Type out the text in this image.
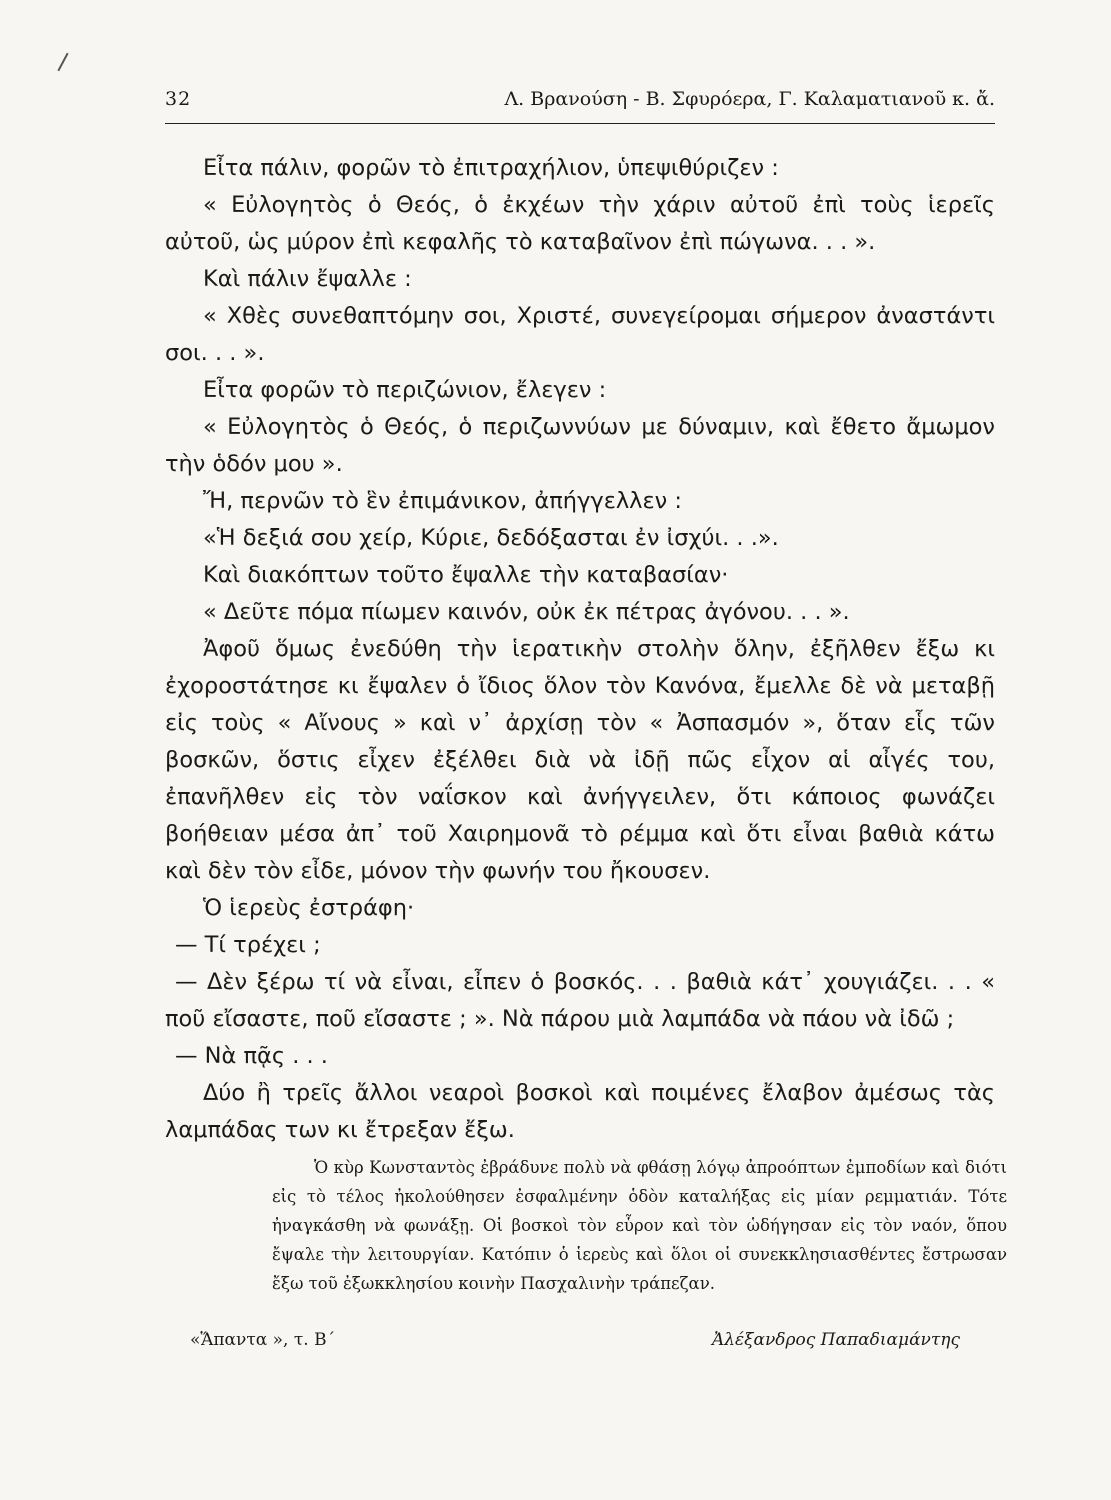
32	Λ. Βρανούση - Β. Σφυρόερα, Γ. Καλαματιανοῦ κ. ἄ.

Εἶτα πάλιν, φορῶν τὸ ἐπιτραχήλιον, ὑπεψιθύριζεν :

« Εὐλογητὸς ὁ Θεός, ὁ ἐκχέων τὴν χάριν αὐτοῦ ἐπὶ τοὺς ἱερεῖς αὐτοῦ, ὡς μύρον ἐπὶ κεφαλῆς τὸ καταβαῖνον ἐπὶ πώγωνα. . . ».

Καὶ πάλιν ἔψαλλε :

« Χθὲς συνεθαπτόμην σοι, Χριστέ, συνεγείρομαι σήμερον ἀναστάντι σοι. . . ».

Εἶτα φορῶν τὸ περιζώνιον, ἔλεγεν :

« Εὐλογητὸς ὁ Θεός, ὁ περιζωννύων με δύναμιν, καὶ ἔθετο ἄμωμον τὴν ὁδόν μου ».

Ἤ, περνῶν τὸ ἓν ἐπιμάνικον, ἀπήγγελλεν :

«Ἡ δεξιά σου χείρ, Κύριε, δεδόξασται ἐν ἰσχύι. . .».

Καὶ διακόπτων τοῦτο ἔψαλλε τὴν καταβασίαν·

« Δεῦτε πόμα πίωμεν καινόν, οὐκ ἐκ πέτρας ἀγόνου. . . ».

Ἀφοῦ ὅμως ἐνεδύθη τὴν ἱερατικὴν στολὴν ὅλην, ἐξῆλθεν ἔξω κι ἐχοροστάτησε κι ἔψαλεν ὁ ἴδιος ὅλον τὸν Κανόνα, ἔμελλε δὲ νὰ μεταβῇ εἰς τοὺς « Αἴνους » καὶ ν᾽ ἀρχίσῃ τὸν « Ἀσπασμόν », ὅταν εἷς τῶν βοσκῶν, ὅστις εἶχεν ἐξέλθει διὰ νὰ ἰδῇ πῶς εἶχον αἱ αἶγές του, ἐπανῆλθεν εἰς τὸν ναΐσκον καὶ ἀνήγγειλεν, ὅτι κάποιος φωνάζει βοήθειαν μέσα ἀπ᾽ τοῦ Χαιρημονᾶ τὸ ρέμμα καὶ ὅτι εἶναι βαθιὰ κάτω καὶ δὲν τὸν εἶδε, μόνον τὴν φωνήν του ἤκουσεν.

Ὁ ἱερεὺς ἐστράφη·

— Τί τρέχει ;

— Δὲν ξέρω τί νὰ εἶναι, εἶπεν ὁ βοσκός. . . βαθιὰ κάτ᾽ χουγιάζει. . . « ποῦ εἴσαστε, ποῦ εἴσαστε ; ». Νὰ πάρου μιὰ λαμπάδα νὰ πάου νὰ ἰδῶ ;

— Νὰ πᾷς . . .

Δύο ἢ τρεῖς ἄλλοι νεαροὶ βοσκοὶ καὶ ποιμένες ἔλαβον ἀμέσως τὰς λαμπάδας των κι ἔτρεξαν ἔξω.

Ὁ κὺρ Κωνσταντὸς ἐβράδυνε πολὺ νὰ φθάσῃ λόγῳ ἀπροόπτων ἐμποδίων καὶ διότι εἰς τὸ τέλος ἠκολούθησεν ἐσφαλμένην ὁδὸν καταλήξας εἰς μίαν ρεμματιάν. Τότε ἠναγκάσθη νὰ φωνάξῃ. Οἱ βοσκοὶ τὸν εὗρον καὶ τὸν ὡδήγησαν εἰς τὸν ναόν, ὅπου ἔψαλε τὴν λειτουργίαν. Κατόπιν ὁ ἱερεὺς καὶ ὅλοι οἱ συνεκκλησιασθέντες ἔστρωσαν ἔξω τοῦ ἐξωκκλησίου κοινὴν Πασχαλινὴν τράπεζαν.
«Ἅπαντα », τ. Β΄	Ἀλέξανδρος Παπαδιαμάντης
